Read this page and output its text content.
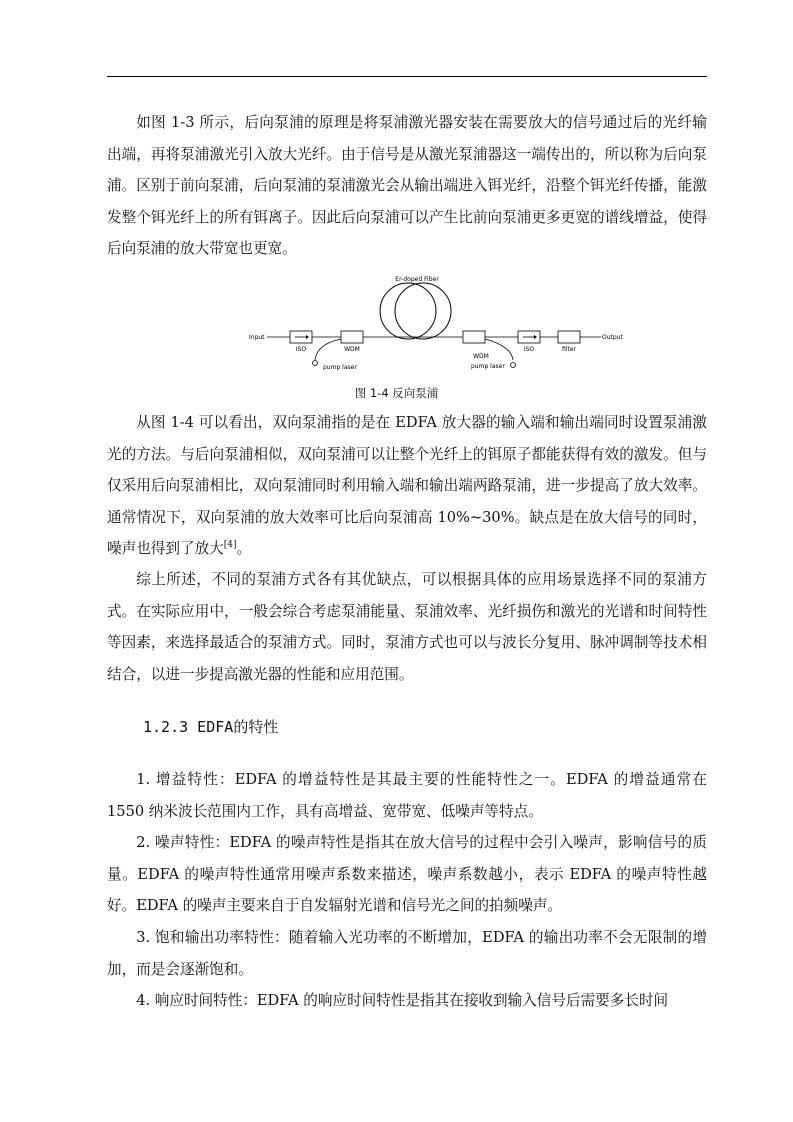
如图 1-3 所示，后向泵浦的原理是将泵浦激光器安装在需要放大的信号通过后的光纤输出端，再将泵浦激光引入放大光纤。由于信号是从激光泵浦器这一端传出的，所以称为后向泵浦。区别于前向泵浦，后向泵浦的泵浦激光会从输出端进入铒光纤，沿整个铒光纤传播，能激发整个铒光纤上的所有铒离子。因此后向泵浦可以产生比前向泵浦更多更宽的谱线增益，使得后向泵浦的放大带宽也更宽。

Er-doped Fiber
Input	Output
ISO	WDM
pump laser
WDM
pump laser
ISO	filter
图 1-4 反向泵浦

从图 1-4 可以看出，双向泵浦指的是在 EDFA 放大器的输入端和输出端同时设置泵浦激光的方法。与后向泵浦相似，双向泵浦可以让整个光纤上的铒原子都能获得有效的激发。但与仅采用后向泵浦相比，双向泵浦同时利用输入端和输出端两路泵浦，进一步提高了放大效率。通常情况下，双向泵浦的放大效率可比后向泵浦高 10%~30%。缺点是在放大信号的同时，噪声也得到了放大[4]。

综上所述，不同的泵浦方式各有其优缺点，可以根据具体的应用场景选择不同的泵浦方式。在实际应用中，一般会综合考虑泵浦能量、泵浦效率、光纤损伤和激光的光谱和时间特性等因素，来选择最适合的泵浦方式。同时，泵浦方式也可以与波长分复用、脉冲调制等技术相结合，以进一步提高激光器的性能和应用范围。

1.2.3 EDFA的特性

1. 增益特性：EDFA 的增益特性是其最主要的性能特性之一。EDFA 的增益通常在 1550 纳米波长范围内工作，具有高增益、宽带宽、低噪声等特点。

2. 噪声特性：EDFA 的噪声特性是指其在放大信号的过程中会引入噪声，影响信号的质量。EDFA 的噪声特性通常用噪声系数来描述，噪声系数越小，表示 EDFA 的噪声特性越好。EDFA 的噪声主要来自于自发辐射光谱和信号光之间的拍频噪声。

3. 饱和输出功率特性：随着输入光功率的不断增加，EDFA 的输出功率不会无限制的增加，而是会逐渐饱和。

4. 响应时间特性：EDFA 的响应时间特性是指其在接收到输入信号后需要多长时间
